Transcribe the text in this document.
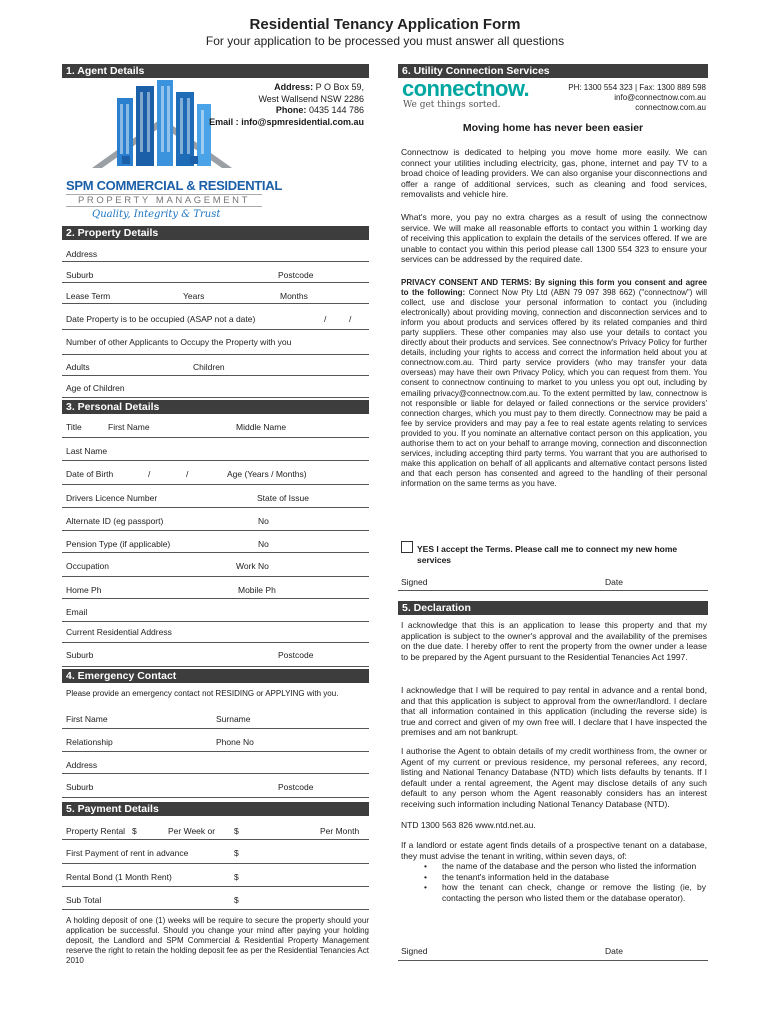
Residential Tenancy Application Form
For your application to be processed you must answer all questions
1. Agent Details
SPM COMMERCIAL & RESIDENTIAL
PROPERTY MANAGEMENT
Quality, Integrity & Trust
Address: P O Box 59,
West Wallsend NSW 2286
Phone: 0435 144 786
Email : info@spmresidential.com.au
2. Property Details
Address
Suburb	Postcode
Lease Term	Years	Months
Date Property is to be occupied (ASAP not a date)	/	/
Number of other Applicants to Occupy the Property with you
Adults	Children
Age of Children
3. Personal Details
Title	First Name	Middle Name
Last Name
Date of Birth	/	/	Age (Years / Months)
Drivers Licence Number	State of Issue
Alternate ID (eg passport)	No
Pension Type (if applicable)	No
Occupation	Work No
Home Ph	Mobile Ph
Email
Current Residential Address
Suburb	Postcode
4. Emergency Contact
Please provide an emergency contact not RESIDING or APPLYING with you.
First Name	Surname
Relationship	Phone No
Address
Suburb	Postcode
5. Payment Details
Property Rental $	Per Week or $	Per Month
First Payment of rent in advance	$
Rental Bond (1 Month Rent)	$
Sub Total	$
A holding deposit of one (1) weeks will be require to secure the property should your application be successful. Should you change your mind after paying your holding deposit, the Landlord and SPM Commercial & Residential Property Management reserve the right to retain the holding deposit fee as per the Residential Tenancies Act 2010
6. Utility Connection Services
connectnow.
We get things sorted.
PH: 1300 554 323 | Fax: 1300 889 598
info@connectnow.com.au
connectnow.com.au
Moving home has never been easier
Connectnow is dedicated to helping you move home more easily. We can connect your utilities including electricity, gas, phone, internet and pay TV to a broad choice of leading providers. We can also organise your disconnections and offer a range of additional services, such as cleaning and food services, removalists and vehicle hire.
What's more, you pay no extra charges as a result of using the connectnow service. We will make all reasonable efforts to contact you within 1 working day of receiving this application to explain the details of the services offered. If we are unable to contact you within this period please call 1300 554 323 to ensure your services can be addressed by the required date.
PRIVACY CONSENT AND TERMS: By signing this form you consent and agree to the following: Connect Now Pty Ltd (ABN 79 097 398 662) ("connectnow") will collect, use and disclose your personal information to contact you (including electronically) about providing moving, connection and disconnection services and to inform you about products and services offered by its related companies and third party suppliers. These other companies may also use your details to contact you directly about their products and services. See connectnow's Privacy Policy for further details, including your rights to access and correct the information held about you at connectnow.com.au. Third party service providers (who may transfer your data overseas) may have their own Privacy Policy, which you can request from them. You consent to connectnow continuing to market to you unless you opt out, including by emailing privacy@connectnow.com.au. To the extent permitted by law, connectnow is not responsible or liable for delayed or failed connections or the service providers' connection charges, which you must pay to them directly. Connectnow may be paid a fee by service providers and may pay a fee to real estate agents relating to services provided to you. If you nominate an alternative contact person on this application, you authorise them to act on your behalf to arrange moving, connection and disconnection services, including accepting third party terms. You warrant that you are authorised to make this application on behalf of all applicants and alternative contact persons listed and that each person has consented and agreed to the handling of their personal information on the same terms as you have.
YES I accept the Terms. Please call me to connect my new home services
Signed	Date
5. Declaration
I acknowledge that this is an application to lease this property and that my application is subject to the owner's approval and the availability of the premises on the due date. I hereby offer to rent the property from the owner under a lease to be prepared by the Agent pursuant to the Residential Tenancies Act 1997.
I acknowledge that I will be required to pay rental in advance and a rental bond, and that this application is subject to approval from the owner/landlord. I declare that all information contained in this application (including the reverse side) is true and correct and given of my own free will. I declare that I have inspected the premises and am not bankrupt.
I authorise the Agent to obtain details of my credit worthiness from, the owner or Agent of my current or previous residence, my personal referees, any record, listing and National Tenancy Database (NTD) which lists defaults by tenants. If I default under a rental agreement, the Agent may disclose details of any such default to any person whom the Agent reasonably considers has an interest receiving such information including National Tenancy Database (NTD).
NTD 1300 563 826 www.ntd.net.au.
If a landlord or estate agent finds details of a prospective tenant on a database, they must advise the tenant in writing, within seven days, of:
• the name of the database and the person who listed the information
• the tenant's information held in the database
• how the tenant can check, change or remove the listing (ie, by contacting the person who listed them or the database operator).
Signed	Date
